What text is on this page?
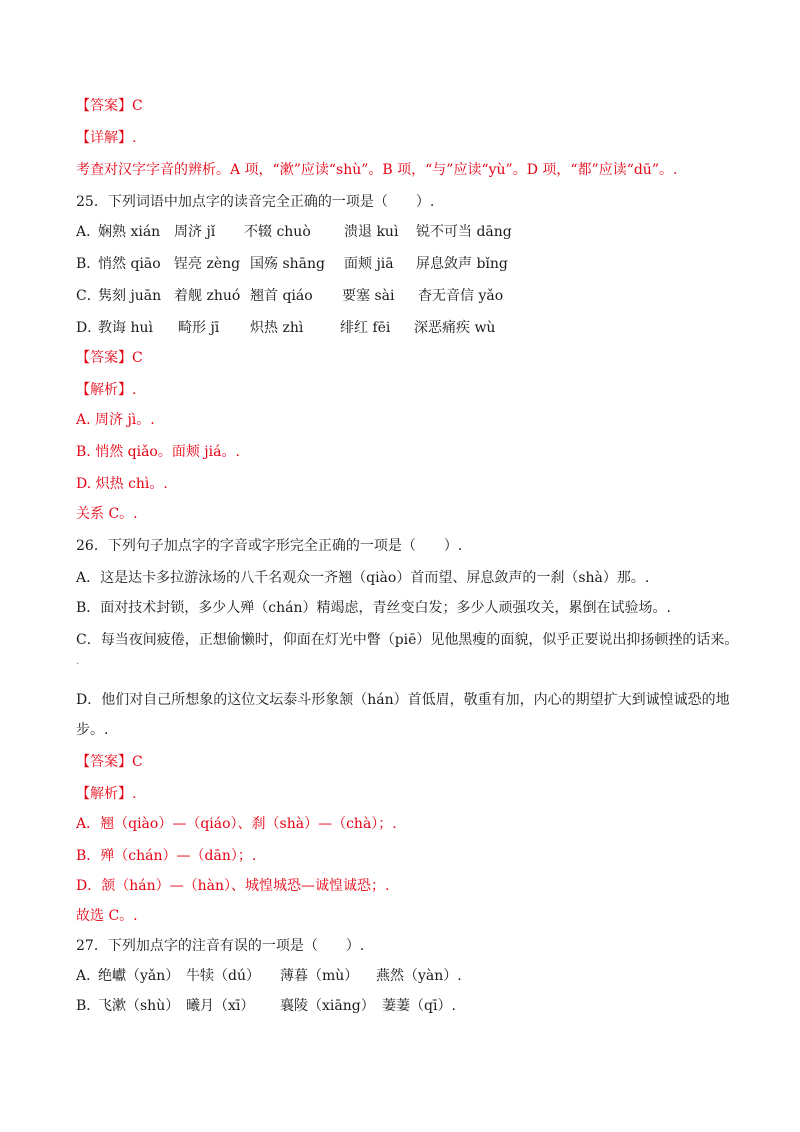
【答案】C
【详解】.
考查对汉字字音的辨析。A 项，“漱”应读“shù”。B 项，“与”应读“yù”。D 项，“都”应读“dū”。.
25．下列词语中加点字的读音完全正确的一项是（　　）.
A．
娴熟 xián 周济 jǐ 不辍 chuò 溃退 kuì 锐不可当 dāng
B．
悄然 qiāo 锃亮 zèng 国殇 shāng 面颊 jiā 屏息敛声 bǐng
C．
隽刻 juān 着舰 zhuó 翘首 qiáo 要塞 sài 杳无音信 yǎo
D．
教诲 huì 畸形 jī 炽热 zhì	绯红 fēi 深恶痛疾 wù
【答案】C
【解析】.
A. 周济 jì。.
B. 悄然 qiǎo。面颊 jiá。.
D. 炽热 chì。.
关系 C。.
26．下列句子加点字的字音或字形完全正确的一项是（　　）.
A．这是达卡多拉游泳场的八千名观众一齐翘（qiào）首而望、屏息敛声的一刹（shà）那。.
B．面对技术封锁，多少人殚（chán）精竭虑，青丝变白发；多少人顽强攻关，累倒在试验场。.
C．每当夜间疲倦，正想偷懒时，仰面在灯光中瞥（piē）见他黑瘦的面貌，似乎正要说出抑扬顿挫的话来。
.
D．他们对自己所想象的这位文坛泰斗形象颔（hán）首低眉，敬重有加，内心的期望扩大到诚惶诚恐的地
步。.
【答案】C
【解析】.
A．翘（qiào）—（qiáo）、刹（shà）—（chà）；.
B．殚（chán）—（dān）；.
D．颔（hán）—（hàn）、城惶城恐—诚惶诚恐；.
故选 C。.
27．下列加点字的注音有误的一项是（　　）.
A．
绝巘（yǎn） 牛犊（dú） 薄暮（mù） 燕然（yàn）.
B．
飞漱（shù） 曦月（xī） 襄陵（xiāng） 萋萋（qī）.
